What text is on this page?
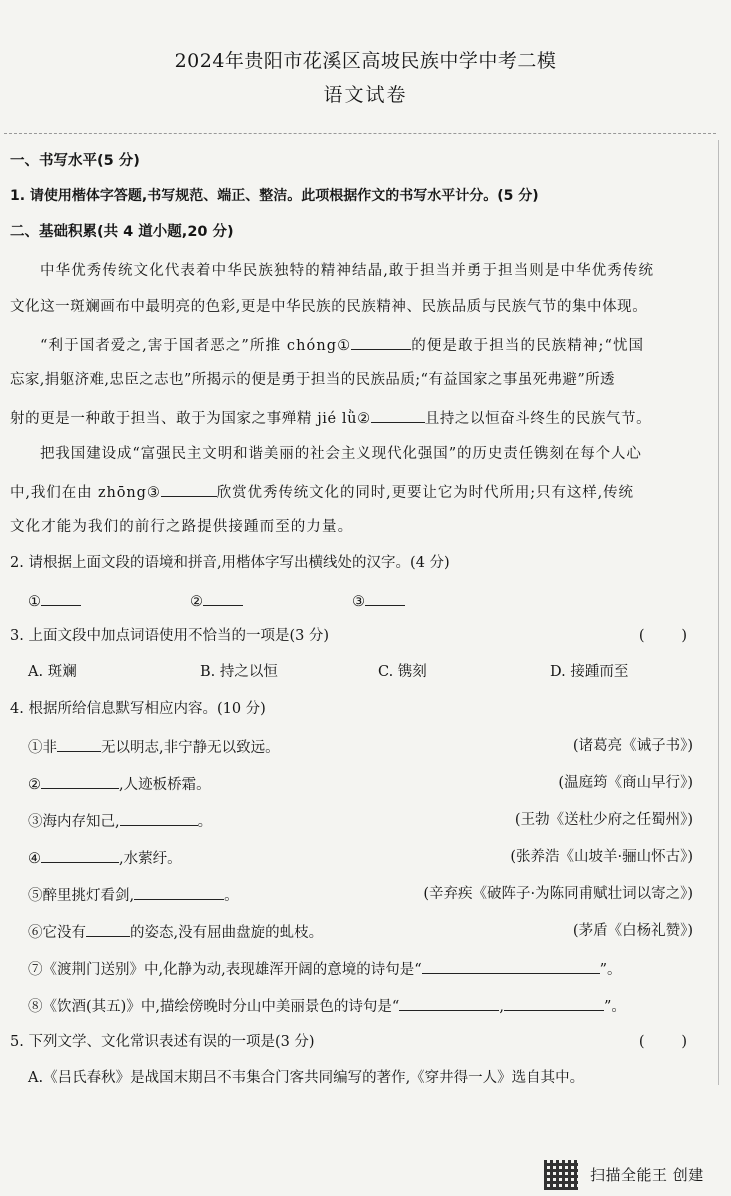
2024年贵阳市花溪区高坡民族中学中考二模
语文试卷
一、书写水平(5 分)
1. 请使用楷体字答题,书写规范、端正、整洁。此项根据作文的书写水平计分。(5 分)
二、基础积累(共 4 道小题,20 分)
中华优秀传统文化代表着中华民族独特的精神结晶,敢于担当并勇于担当则是中华优秀传统
文化这一斑斓画布中最明亮的色彩,更是中华民族的民族精神、民族品质与民族气节的集中体现。
“利于国者爱之,害于国者恶之”所推 chóng①	的便是敢于担当的民族精神;“忧国
忘家,捐躯济难,忠臣之志也”所揭示的便是勇于担当的民族品质;“有益国家之事虽死弗避”所透
射的更是一种敢于担当、敢于为国家之事殚精 jié lǜ②	且持之以恒奋斗终生的民族气节。
把我国建设成“富强民主文明和谐美丽的社会主义现代化强国”的历史责任镌刻在每个人心
中,我们在由 zhōng③	欣赏优秀传统文化的同时,更要让它为时代所用;只有这样,传统
文化才能为我们的前行之路提供接踵而至的力量。
2. 请根据上面文段的语境和拼音,用楷体字写出横线处的汉字。(4 分)
①	②	③
3. 上面文段中加点词语使用不恰当的一项是(3 分)	(        )
A. 斑斓	B. 持之以恒	C. 镌刻	D. 接踵而至
4. 根据所给信息默写相应内容。(10 分)
①非	无以明志,非宁静无以致远。	(诸葛亮《诫子书》)
②	,人迹板桥霜。	(温庭筠《商山早行》)
③海内存知己,	。	(王勃《送杜少府之任蜀州》)
④	,水萦纡。	(张养浩《山坡羊·骊山怀古》)
⑤醉里挑灯看剑,	。	(辛弃疾《破阵子·为陈同甫赋壮词以寄之》)
⑥它没有	的姿态,没有屈曲盘旋的虬枝。	(茅盾《白杨礼赞》)
⑦《渡荆门送别》中,化静为动,表现雄浑开阔的意境的诗句是“	”。
⑧《饮酒(其五)》中,描绘傍晚时分山中美丽景色的诗句是“	,	”。
5. 下列文学、文化常识表述有误的一项是(3 分)	(        )
A.《吕氏春秋》是战国末期吕不韦集合门客共同编写的著作,《穿井得一人》选自其中。
扫描全能王 创建
